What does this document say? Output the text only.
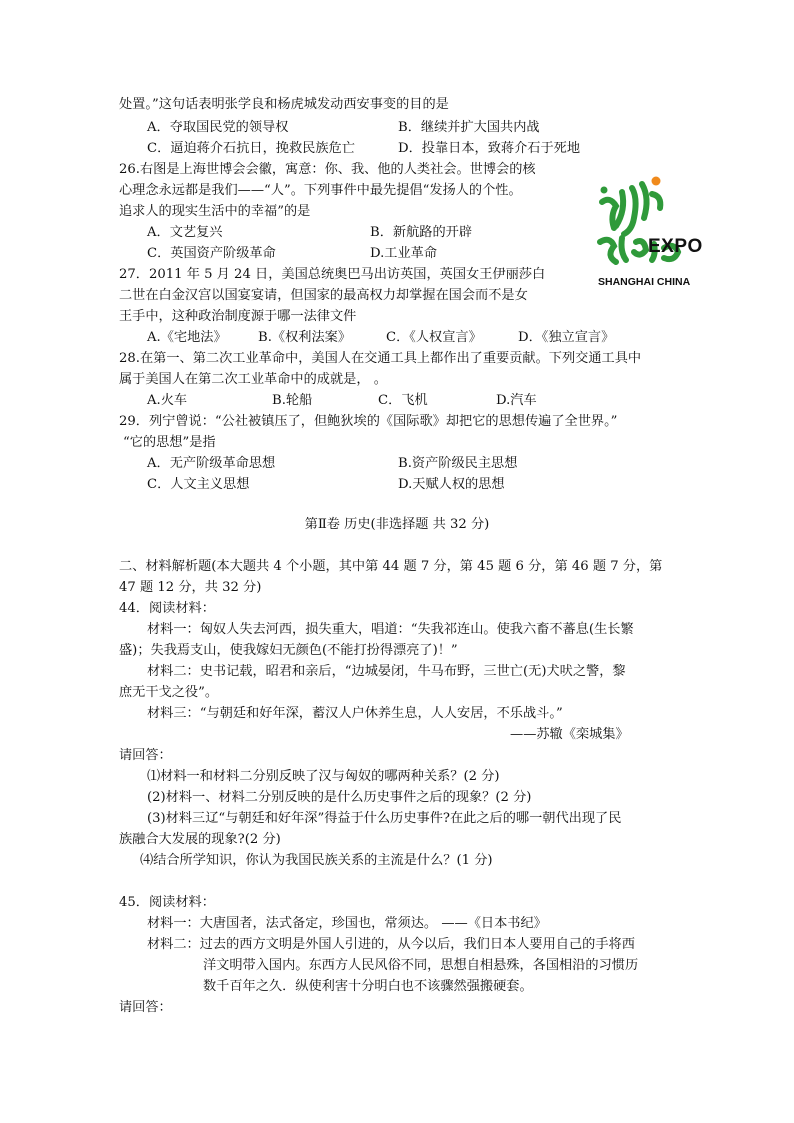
处置。”这句话表明张学良和杨虎城发动西安事变的目的是
A．夺取国民党的领导权	B．继续并扩大国共内战
C．逼迫蒋介石抗日，挽救民族危亡	D．投靠日本，致蒋介石于死地
26.右图是上海世博会会徽，寓意：你、我、他的人类社会。世博会的核
心理念永远都是我们——“人”。下列事件中最先提倡“发扬人的个性。
追求人的现实生活中的幸福”的是
A．文艺复兴	B．新航路的开辟
C．英国资产阶级革命	D.工业革命	EXPO
SHANGHAI CHINA
27．2011 年 5 月 24 日，美国总统奥巴马出访英国，英国女王伊丽莎白
二世在白金汉宫以国宴宴请，但国家的最高权力却掌握在国会而不是女
王手中，这种政治制度源于哪一法律文件
A.《宅地法》 B.《权利法案》	C．《人权宣言》	D．《独立宣言》
28.在第一、第二次工业革命中，美国人在交通工具上都作出了重要贡献。下列交通工具中
属于美国人在第二次工业革命中的成就是， 。
A.火车	B.轮船	C．飞机	D.汽车
29．列宁曾说：“公社被镇压了，但鲍狄埃的《国际歌》却把它的思想传遍了全世界。”
“它的思想”是指
A．无产阶级革命思想	B.资产阶级民主思想
C．人文主义思想	D.天赋人权的思想
第Ⅱ卷 历史(非选择题 共 32 分)
二、材料解析题(本大题共 4 个小题，其中第 44 题 7 分，第 45 题 6 分，第 46 题 7 分，第
47 题 12 分，共 32 分)
44．阅读材料：
材料一：匈奴人失去河西，损失重大，唱道：“失我祁连山。使我六畜不蕃息(生长繁
盛)；失我焉支山，使我嫁妇无颜色(不能打扮得漂亮了)！”
材料二：史书记载，昭君和亲后，“边城晏闭，牛马布野，三世亡(无)犬吠之警，黎
庶无干戈之役”。
材料三：“与朝廷和好年深，蓄汉人户休养生息，人人安居，不乐战斗。”
——苏辙《栾城集》
请回答：
⑴材料一和材料二分别反映了汉与匈奴的哪两种关系？(2 分)
(2)材料一、材料二分别反映的是什么历史事件之后的现象？(2 分)
(3)材料三辽“与朝廷和好年深”得益于什么历史事件?在此之后的哪一朝代出现了民
族融合大发展的现象?(2 分)
⑷结合所学知识，你认为我国民族关系的主流是什么？(1 分)
45．阅读材料：
材料一：大唐国者，法式备定，珍国也，常须达。 ——《日本书纪》
材料二：过去的西方文明是外国人引进的，从今以后，我们日本人要用自己的手将西
洋文明带入国内。东西方人民风俗不同，思想自相悬殊，各国相沿的习惯历
数千百年之久．纵使利害十分明白也不该骤然强搬硬套。
请回答：
